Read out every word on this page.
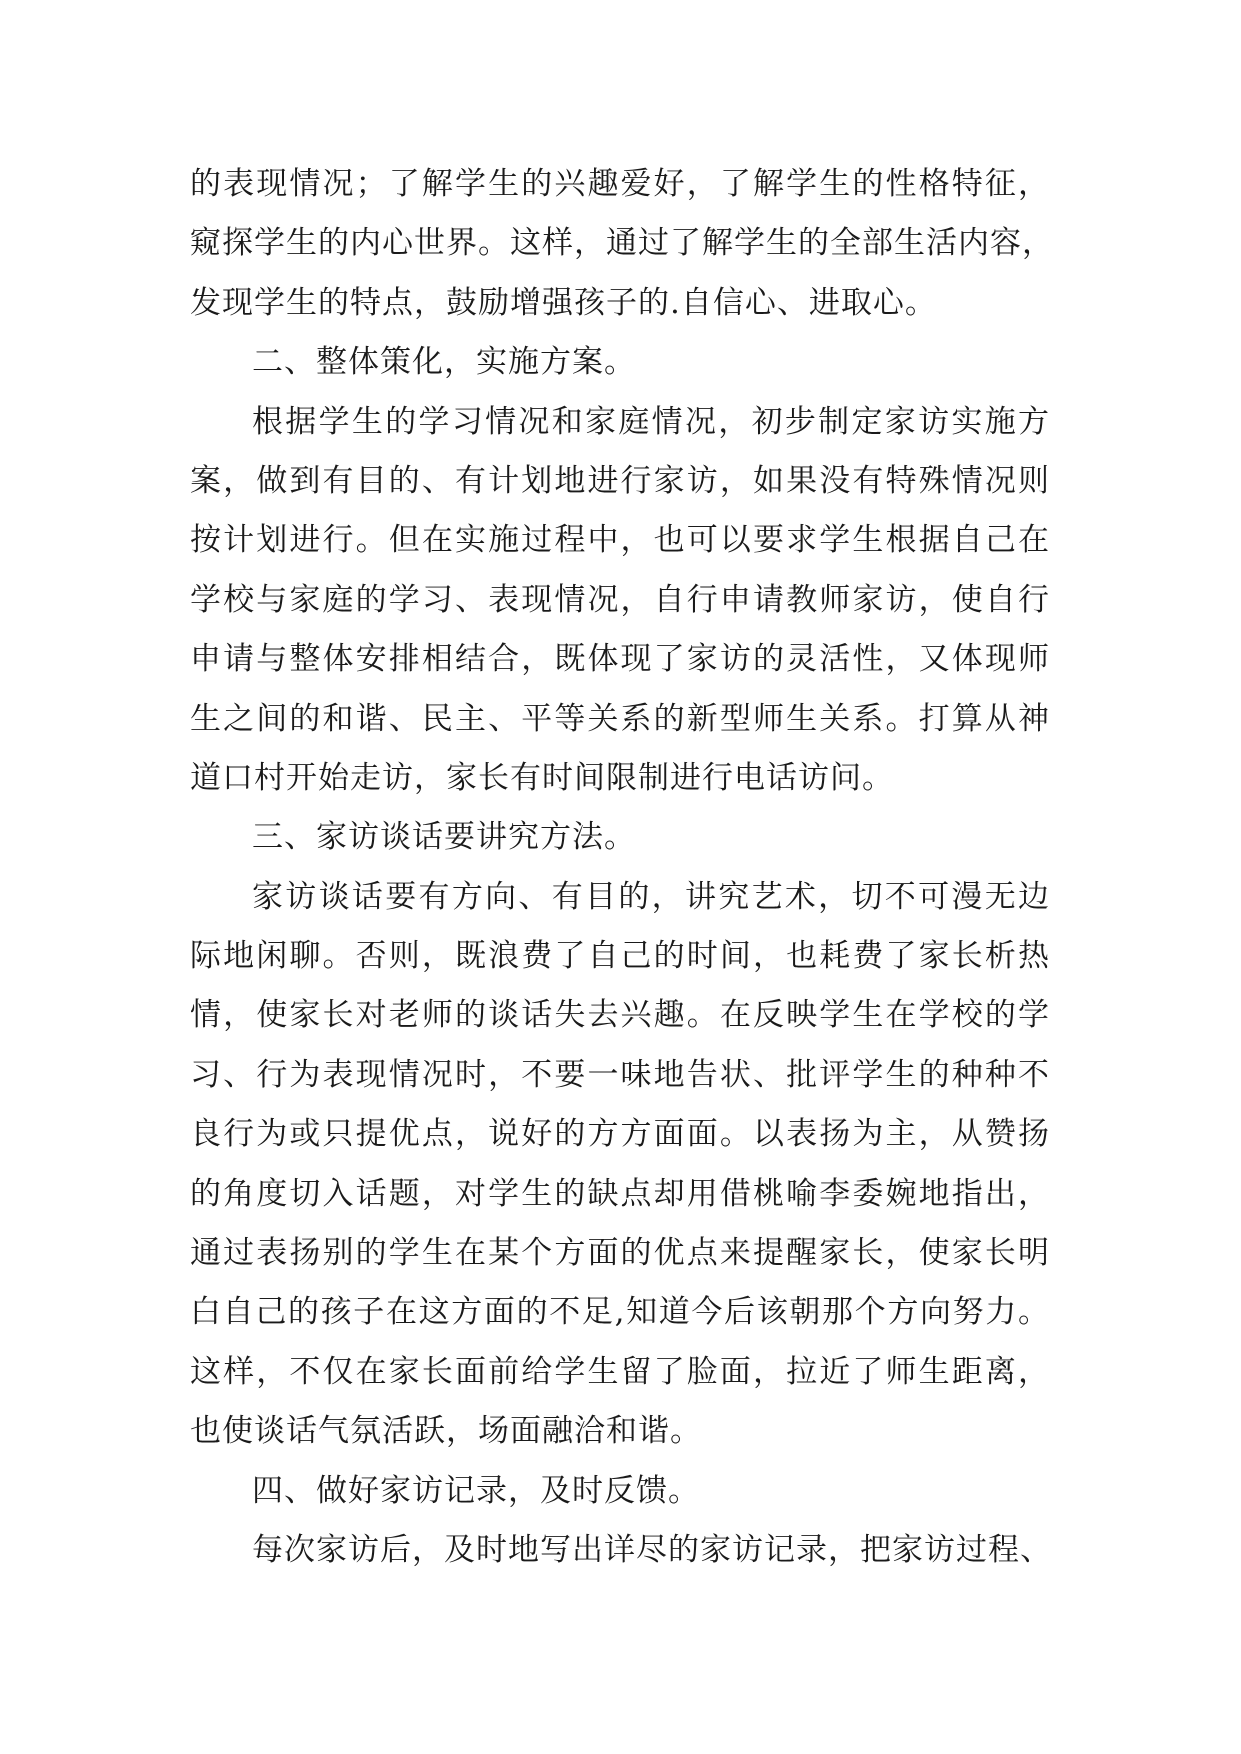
的表现情况；了解学生的兴趣爱好，了解学生的性格特征，
窥探学生的内心世界。这样，通过了解学生的全部生活内容，
发现学生的特点，鼓励增强孩子的.自信心、进取心。
二、整体策化，实施方案。
根据学生的学习情况和家庭情况，初步制定家访实施方
案，做到有目的、有计划地进行家访，如果没有特殊情况则
按计划进行。但在实施过程中，也可以要求学生根据自己在
学校与家庭的学习、表现情况，自行申请教师家访，使自行
申请与整体安排相结合，既体现了家访的灵活性，又体现师
生之间的和谐、民主、平等关系的新型师生关系。打算从神
道口村开始走访，家长有时间限制进行电话访问。
三、家访谈话要讲究方法。
家访谈话要有方向、有目的，讲究艺术，切不可漫无边
际地闲聊。否则，既浪费了自己的时间，也耗费了家长析热
情，使家长对老师的谈话失去兴趣。在反映学生在学校的学
习、行为表现情况时，不要一味地告状、批评学生的种种不
良行为或只提优点，说好的方方面面。以表扬为主，从赞扬
的角度切入话题，对学生的缺点却用借桃喻李委婉地指出，
通过表扬别的学生在某个方面的优点来提醒家长，使家长明
白自己的孩子在这方面的不足,知道今后该朝那个方向努力。
这样，不仅在家长面前给学生留了脸面，拉近了师生距离，
也使谈话气氛活跃，场面融洽和谐。
四、做好家访记录，及时反馈。
每次家访后，及时地写出详尽的家访记录，把家访过程、
